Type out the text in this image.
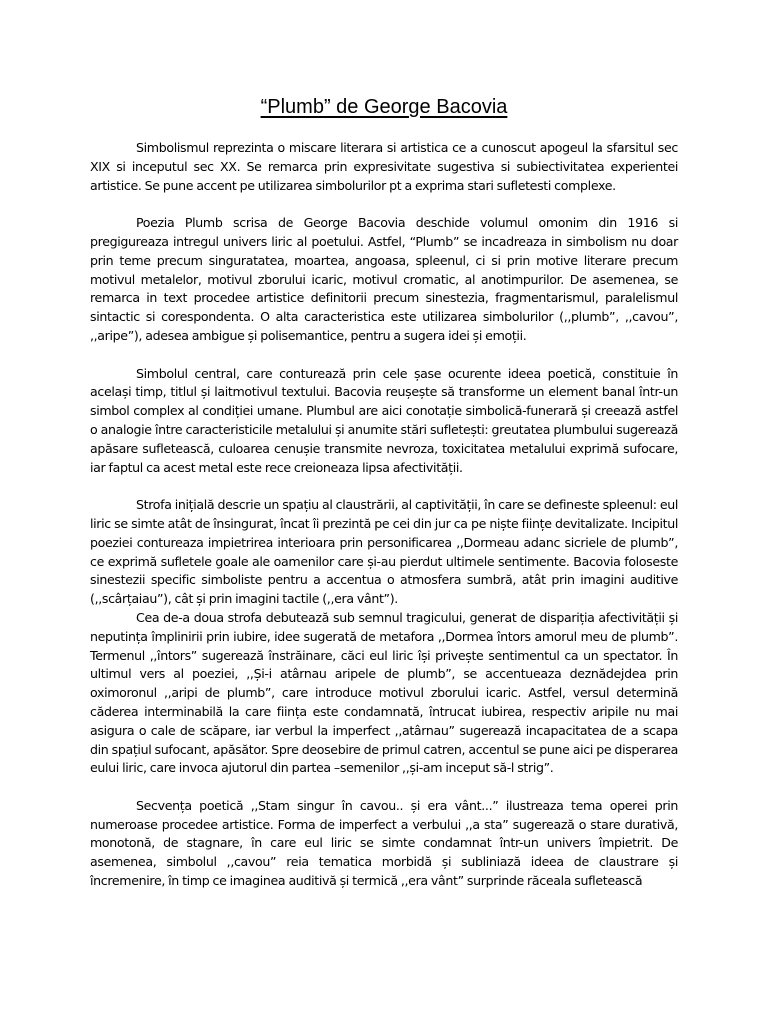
“Plumb” de George Bacovia

Simbolismul reprezinta o miscare literara si artistica ce a cunoscut apogeul la sfarsitul sec XIX si inceputul sec XX. Se remarca prin expresivitate sugestiva si subiectivitatea experientei artistice. Se pune accent pe utilizarea simbolurilor pt a exprima stari sufletesti complexe.

Poezia Plumb scrisa de George Bacovia deschide volumul omonim din 1916 si pregigureaza intregul univers liric al poetului. Astfel, “Plumb” se incadreaza in simbolism nu doar prin teme precum singuratatea, moartea, angoasa, spleenul, ci si prin motive literare precum motivul metalelor, motivul zborului icaric, motivul cromatic, al anotimpurilor. De asemenea, se remarca in text procedee artistice definitorii precum sinestezia, fragmentarismul, paralelismul sintactic si corespondenta. O alta caracteristica este utilizarea simbolurilor (,,plumb”, ,,cavou”, ,,aripe”), adesea ambigue și polisemantice, pentru a sugera idei și emoții.

Simbolul central, care conturează prin cele șase ocurente ideea poetică, constituie în același timp, titlul și laitmotivul textului. Bacovia reușește să transforme un element banal într-un simbol complex al condiției umane. Plumbul are aici conotație simbolică-funerară și creează astfel o analogie între caracteristicile metalului și anumite stări sufletești: greutatea plumbului sugerează apăsare sufletească, culoarea cenușie transmite nevroza, toxicitatea metalului exprimă sufocare, iar faptul ca acest metal este rece creioneaza lipsa afectivității.

Strofa inițială descrie un spațiu al claustrării, al captivității, în care se defineste spleenul: eul liric se simte atât de însingurat, încat îi prezintă pe cei din jur ca pe niște ființe devitalizate. Incipitul poeziei contureaza impietrirea interioara prin personificarea ,,Dormeau adanc sicriele de plumb”, ce exprimă sufletele goale ale oamenilor care și-au pierdut ultimele sentimente. Bacovia foloseste sinestezii specific simboliste pentru a accentua o atmosfera sumbră, atât prin imagini auditive (,,scârțaiau”), cât și prin imagini tactile (,,era vânt”).

Cea de-a doua strofa debutează sub semnul tragicului, generat de dispariția afectivității și neputința împlinirii prin iubire, idee sugerată de metafora ,,Dormea întors amorul meu de plumb”. Termenul ,,întors” sugerează înstrăinare, căci eul liric își privește sentimentul ca un spectator. În ultimul vers al poeziei, ,,Și-i atârnau aripele de plumb”, se accentueaza deznădejdea prin oximoronul ,,aripi de plumb”, care introduce motivul zborului icaric. Astfel, versul determină căderea interminabilă la care ființa este condamnată, întrucat iubirea, respectiv aripile nu mai asigura o cale de scăpare, iar verbul la imperfect ,,atârnau” sugerează incapacitatea de a scapa din spațiul sufocant, apăsător. Spre deosebire de primul catren, accentul se pune aici pe disperarea eului liric, care invoca ajutorul din partea –semenilor ,,și-am inceput să-l strig”.

Secvența poetică ,,Stam singur în cavou.. și era vânt...” ilustreaza tema operei prin numeroase procedee artistice. Forma de imperfect a verbului ,,a sta” sugerează o stare durativă, monotonă, de stagnare, în care eul liric se simte condamnat într-un univers împietrit. De asemenea, simbolul ,,cavou” reia tematica morbidă și subliniază ideea de claustrare și încremenire, în timp ce imaginea auditivă și termică ,,era vânt” surprinde răceala sufletească
